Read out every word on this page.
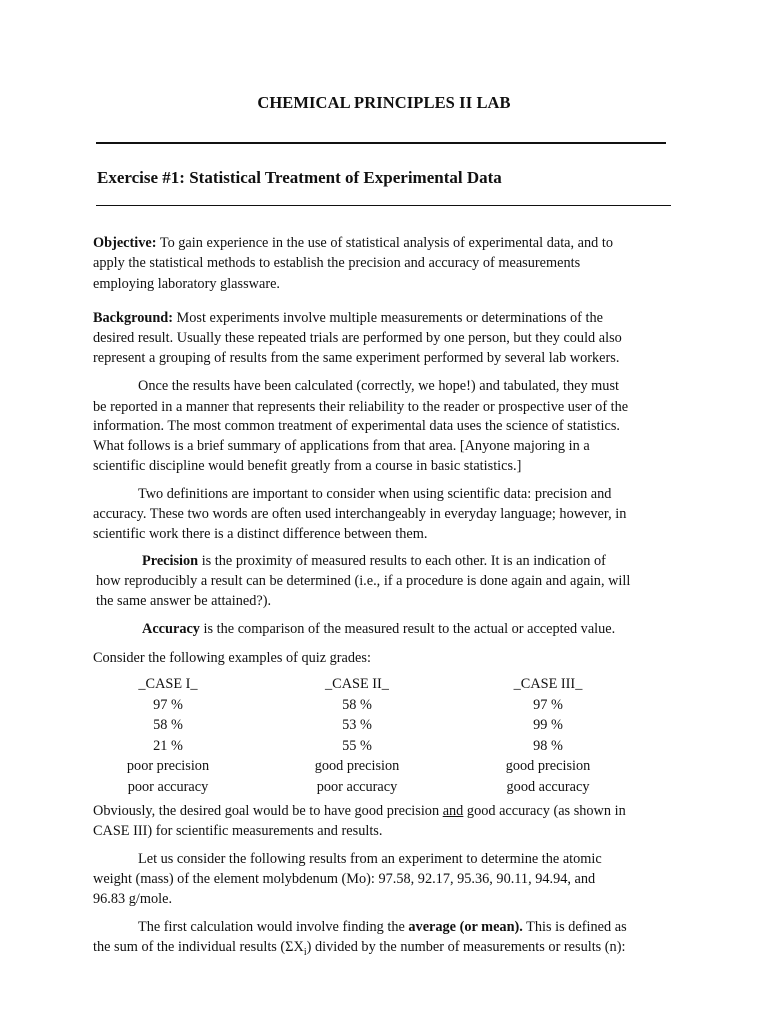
CHEMICAL PRINCIPLES II LAB
Exercise #1: Statistical Treatment of Experimental Data
Objective: To gain experience in the use of statistical analysis of experimental data, and to
apply the statistical methods to establish the precision and accuracy of measurements
employing laboratory glassware.
Background: Most experiments involve multiple measurements or determinations of the
desired result. Usually these repeated trials are performed by one person, but they could also
represent a grouping of results from the same experiment performed by several lab workers.
Once the results have been calculated (correctly, we hope!) and tabulated, they must
be reported in a manner that represents their reliability to the reader or prospective user of the
information. The most common treatment of experimental data uses the science of statistics.
What follows is a brief summary of applications from that area. [Anyone majoring in a
scientific discipline would benefit greatly from a course in basic statistics.]
Two definitions are important to consider when using scientific data: precision and
accuracy. These two words are often used interchangeably in everyday language; however, in
scientific work there is a distinct difference between them.
Precision is the proximity of measured results to each other. It is an indication of
how reproducibly a result can be determined (i.e., if a procedure is done again and again, will
the same answer be attained?).
Accuracy is the comparison of the measured result to the actual or accepted value.
Consider the following examples of quiz grades:
_CASE I_
97 %
58 %
21 %
poor precision
poor accuracy
_CASE II_
58 %
53 %
55 %
good precision
poor accuracy
_CASE III_
97 %
99 %
98 %
good precision
good accuracy
Obviously, the desired goal would be to have good precision and good accuracy (as shown in
CASE III) for scientific measurements and results.
Let us consider the following results from an experiment to determine the atomic
weight (mass) of the element molybdenum (Mo): 97.58, 92.17, 95.36, 90.11, 94.94, and
96.83 g/mole.
The first calculation would involve finding the average (or mean). This is defined as
the sum of the individual results $(\Sigma X_i)$ divided by the number of measurements or results (n):
